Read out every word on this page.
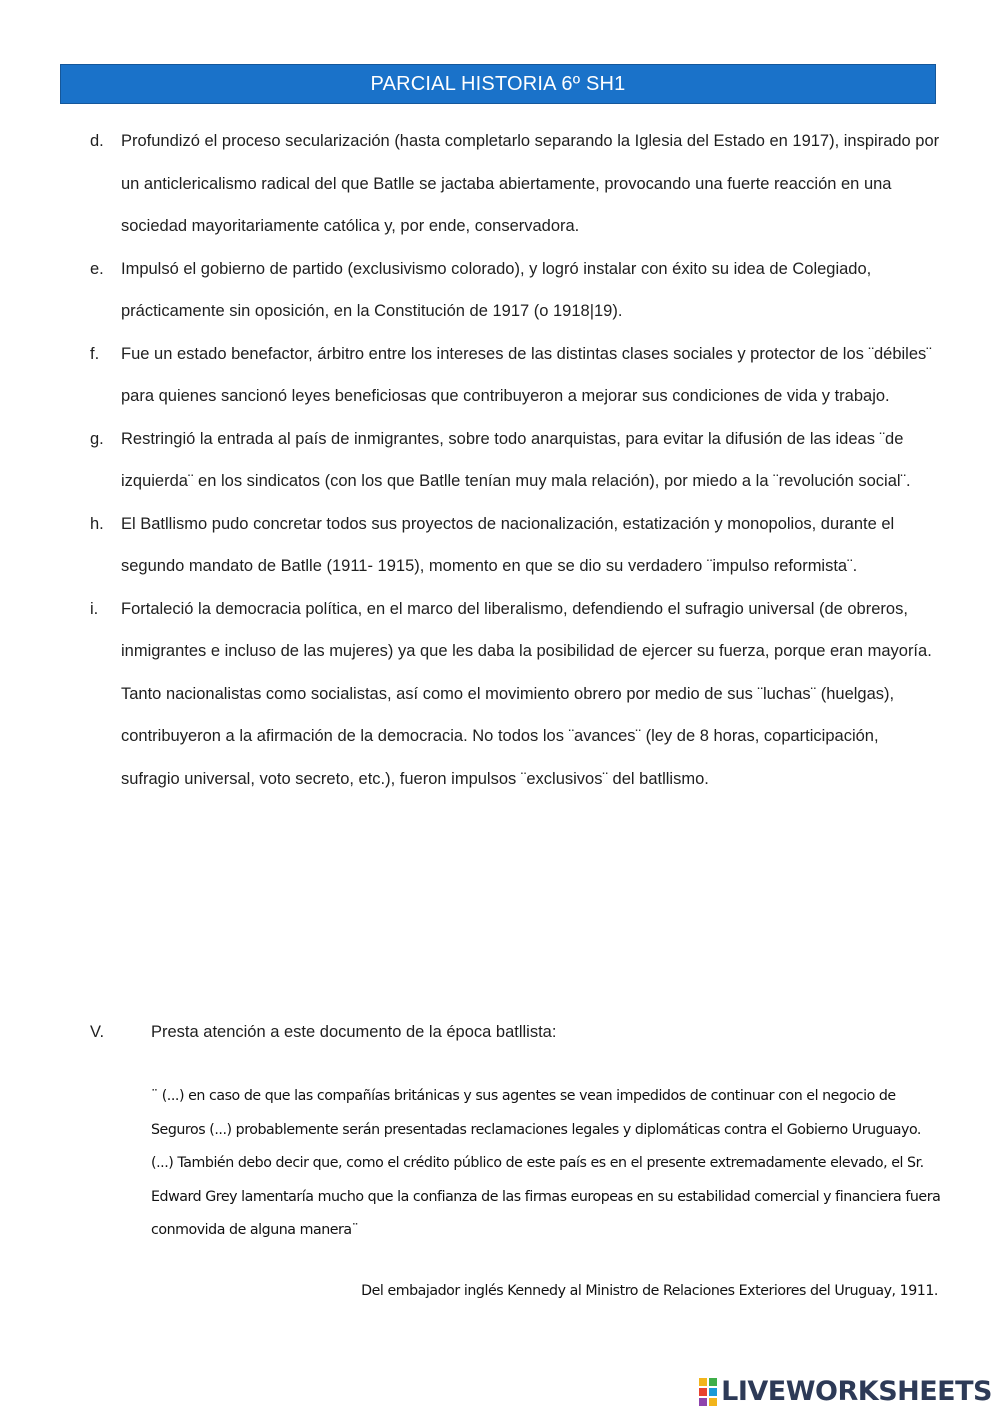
PARCIAL HISTORIA 6º SH1
d. Profundizó el proceso secularización (hasta completarlo separando la Iglesia del Estado en 1917), inspirado por un anticlericalismo radical del que Batlle se jactaba abiertamente, provocando una fuerte reacción en una sociedad mayoritariamente católica y, por ende, conservadora.

e. Impulsó el gobierno de partido (exclusivismo colorado), y logró instalar con éxito su idea de Colegiado, prácticamente sin oposición, en la Constitución de 1917 (o 1918|19).

f. Fue un estado benefactor, árbitro entre los intereses de las distintas clases sociales y protector de los ¨débiles¨ para quienes sancionó leyes beneficiosas que contribuyeron a mejorar sus condiciones de vida y trabajo.

g. Restringió la entrada al país de inmigrantes, sobre todo anarquistas, para evitar la difusión de las ideas ¨de izquierda¨ en los sindicatos (con los que Batlle tenían muy mala relación), por miedo a la ¨revolución social¨.

h. El Batllismo pudo concretar todos sus proyectos de nacionalización, estatización y monopolios, durante el segundo mandato de Batlle (1911- 1915), momento en que se dio su verdadero ¨impulso reformista¨.

i. Fortaleció la democracia política, en el marco del liberalismo, defendiendo el sufragio universal (de obreros, inmigrantes e incluso de las mujeres) ya que les daba la posibilidad de ejercer su fuerza, porque eran mayoría. Tanto nacionalistas como socialistas, así como el movimiento obrero por medio de sus ¨luchas¨ (huelgas), contribuyeron a la afirmación de la democracia. No todos los ¨avances¨ (ley de 8 horas, coparticipación, sufragio universal, voto secreto, etc.), fueron impulsos ¨exclusivos¨ del batllismo.

V.	Presta atención a este documento de la época batllista:

¨ (...) en caso de que las compañías británicas y sus agentes se vean impedidos de continuar con el negocio de Seguros (...) probablemente serán presentadas reclamaciones legales y diplomáticas contra el Gobierno Uruguayo. (...) También debo decir que, como el crédito público de este país es en el presente extremadamente elevado, el Sr. Edward Grey lamentaría mucho que la confianza de las firmas europeas en su estabilidad comercial y financiera fuera conmovida de alguna manera¨

Del embajador inglés Kennedy al Ministro de Relaciones Exteriores del Uruguay, 1911.
LIVEWORKSHEETS
